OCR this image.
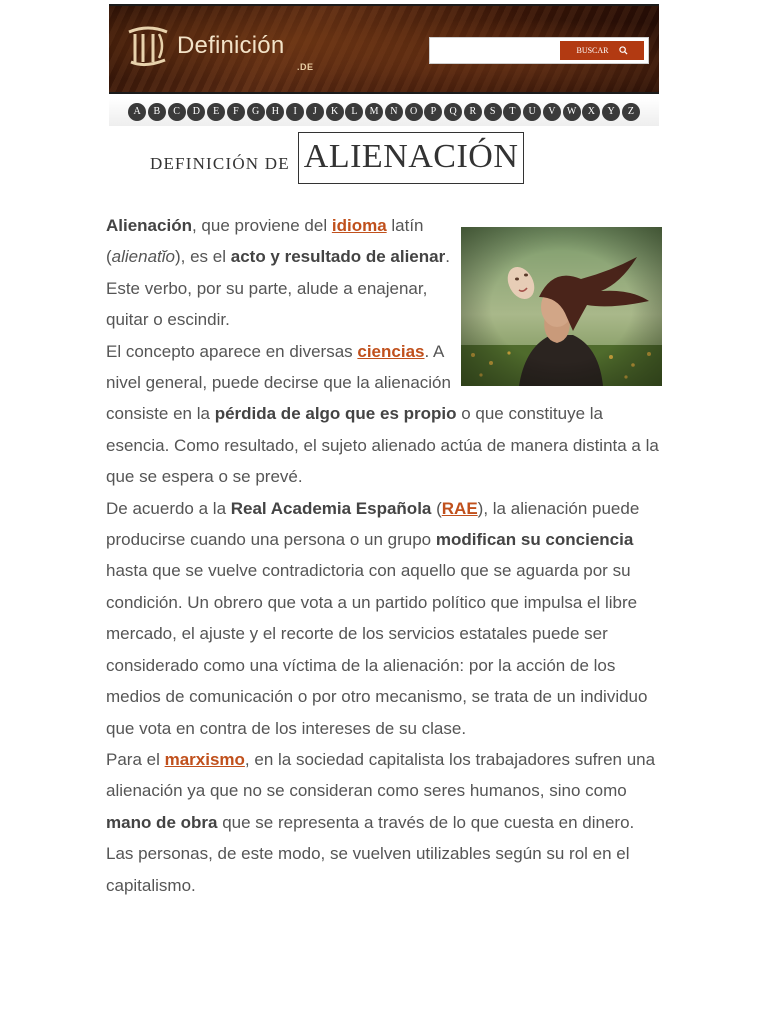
Definición
.DE
BUSCAR
A	B	C	D	E	F	G	H	I	J	K	L	M	N	O	P	Q	R	S	T	U	V	W	X	Y	Z
DEFINICIÓN DE ALIENACIÓN

Alienación, que proviene del idioma latín (alienatĭo), es el acto y resultado de alienar. Este verbo, por su parte, alude a enajenar, quitar o escindir.

El concepto aparece en diversas ciencias. A nivel general, puede decirse que la alienación consiste en la pérdida de algo que es propio o que constituye la esencia. Como resultado, el sujeto alienado actúa de manera distinta a la que se espera o se prevé.

De acuerdo a la Real Academia Española (RAE), la alienación puede producirse cuando una persona o un grupo modifican su conciencia hasta que se vuelve contradictoria con aquello que se aguarda por su condición. Un obrero que vota a un partido político que impulsa el libre mercado, el ajuste y el recorte de los servicios estatales puede ser considerado como una víctima de la alienación: por la acción de los medios de comunicación o por otro mecanismo, se trata de un individuo que vota en contra de los intereses de su clase.

Para el marxismo, en la sociedad capitalista los trabajadores sufren una alienación ya que no se consideran como seres humanos, sino como mano de obra que se representa a través de lo que cuesta en dinero. Las personas, de este modo, se vuelven utilizables según su rol en el capitalismo.
